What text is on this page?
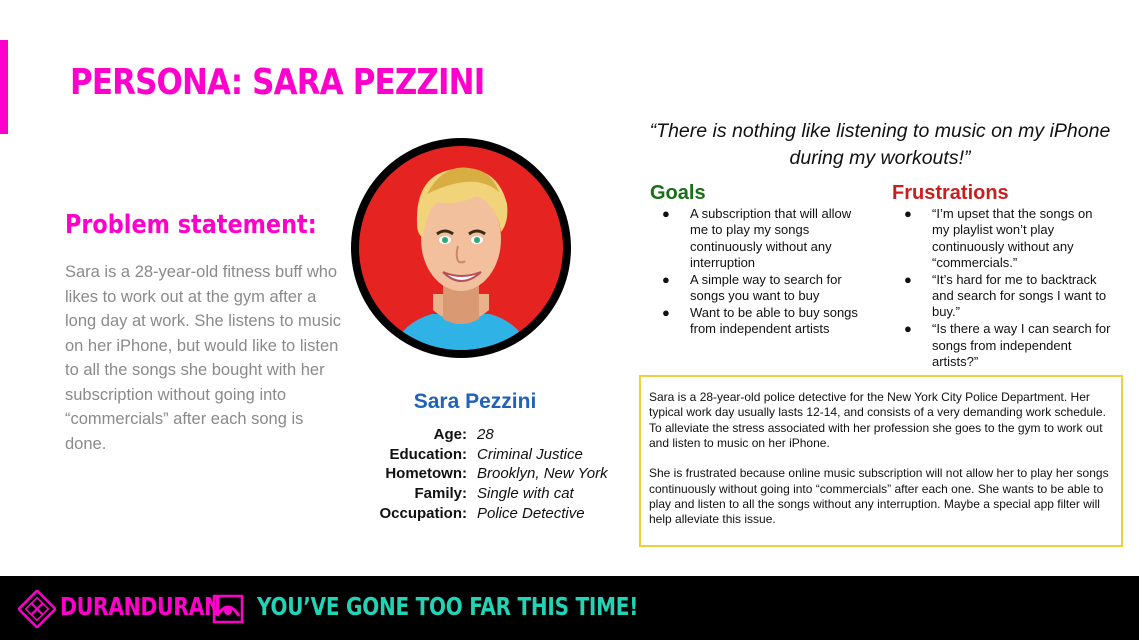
PERSONA: SARA PEZZINI
Problem statement:
Sara is a 28-year-old fitness buff who likes to work out at the gym after a long day at work. She listens to music on her iPhone, but would like to listen to all the songs she bought with her subscription without going into “commercials” after each song is done.
Sara Pezzini
Age: 28
Education: Criminal Justice
Hometown: Brooklyn, New York
Family: Single with cat
Occupation: Police Detective
“There is nothing like listening to music on my iPhone during my workouts!”
Goals
● A subscription that will allow me to play my songs continuously without any interruption
● A simple way to search for songs you want to buy
● Want to be able to buy songs from independent artists
Frustrations
● “I’m upset that the songs on my playlist won’t play continuously without any “commercials.”
● “It’s hard for me to backtrack and search for songs I want to buy.”
● “Is there a way I can search for songs from independent artists?”

Sara is a 28-year-old police detective for the New York City Police Department. Her typical work day usually lasts 12-14, and consists of a very demanding work schedule. To alleviate the stress associated with her profession she goes to the gym to work out and listen to music on her iPhone.

She is frustrated because online music subscription will not allow her to play her songs continuously without going into “commercials” after each one. She wants to be able to play and listen to all the songs without any interruption. Maybe a special app filter will help alleviate this issue.

DURANDURAN YOU’VE GONE TOO FAR THIS TIME!
